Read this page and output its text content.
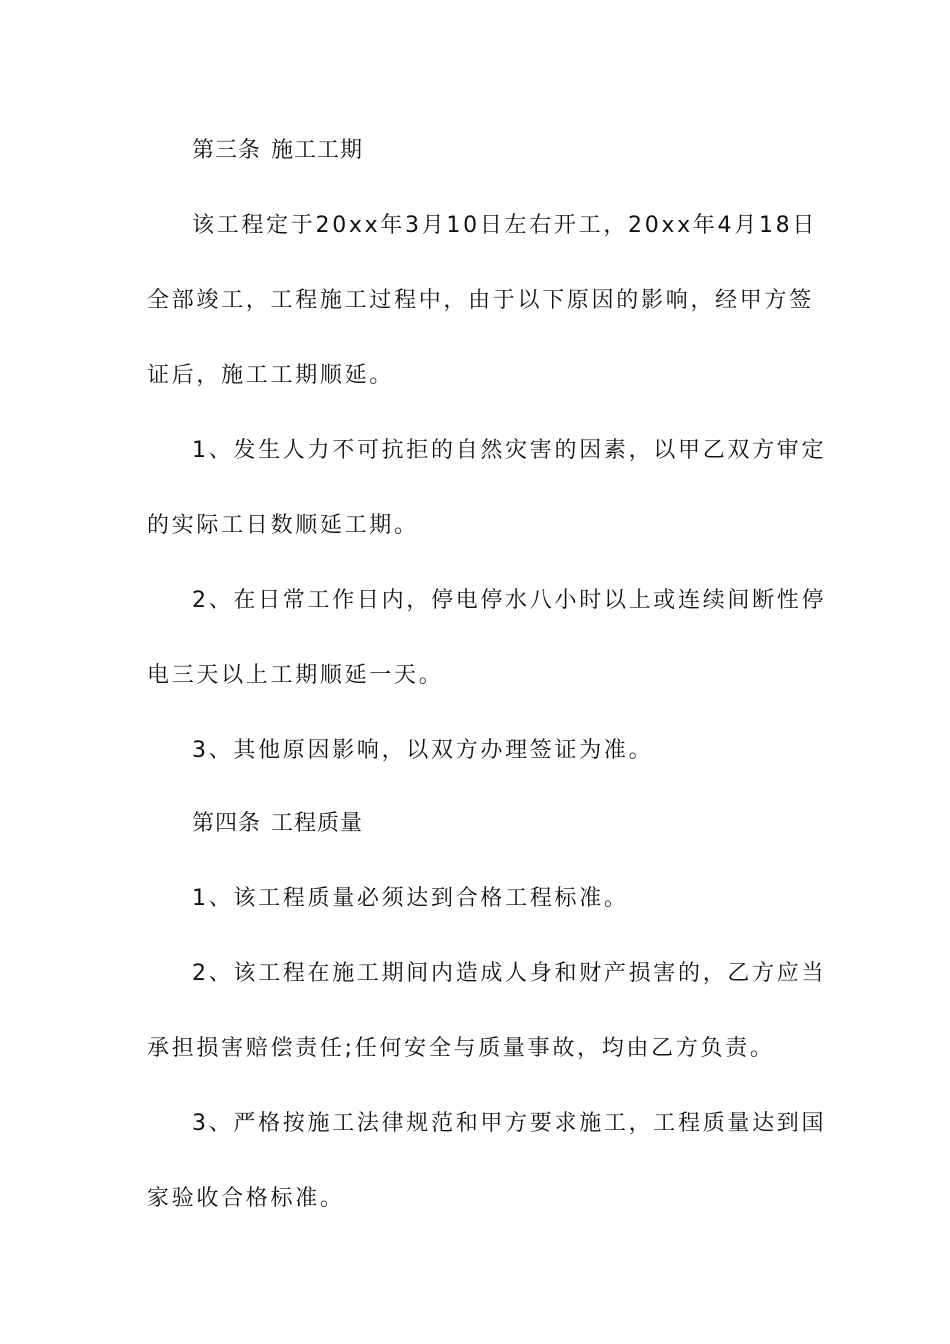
第三条 施工工期
该工程定于20xx年3月10日左右开工，20xx年4月18日
全部竣工，工程施工过程中，由于以下原因的影响，经甲方签
证后，施工工期顺延。
1、发生人力不可抗拒的自然灾害的因素，以甲乙双方审定
的实际工日数顺延工期。
2、在日常工作日内，停电停水八小时以上或连续间断性停
电三天以上工期顺延一天。
3、其他原因影响，以双方办理签证为准。
第四条 工程质量
1、该工程质量必须达到合格工程标准。
2、该工程在施工期间内造成人身和财产损害的，乙方应当
承担损害赔偿责任;任何安全与质量事故，均由乙方负责。
3、严格按施工法律规范和甲方要求施工，工程质量达到国
家验收合格标准。
